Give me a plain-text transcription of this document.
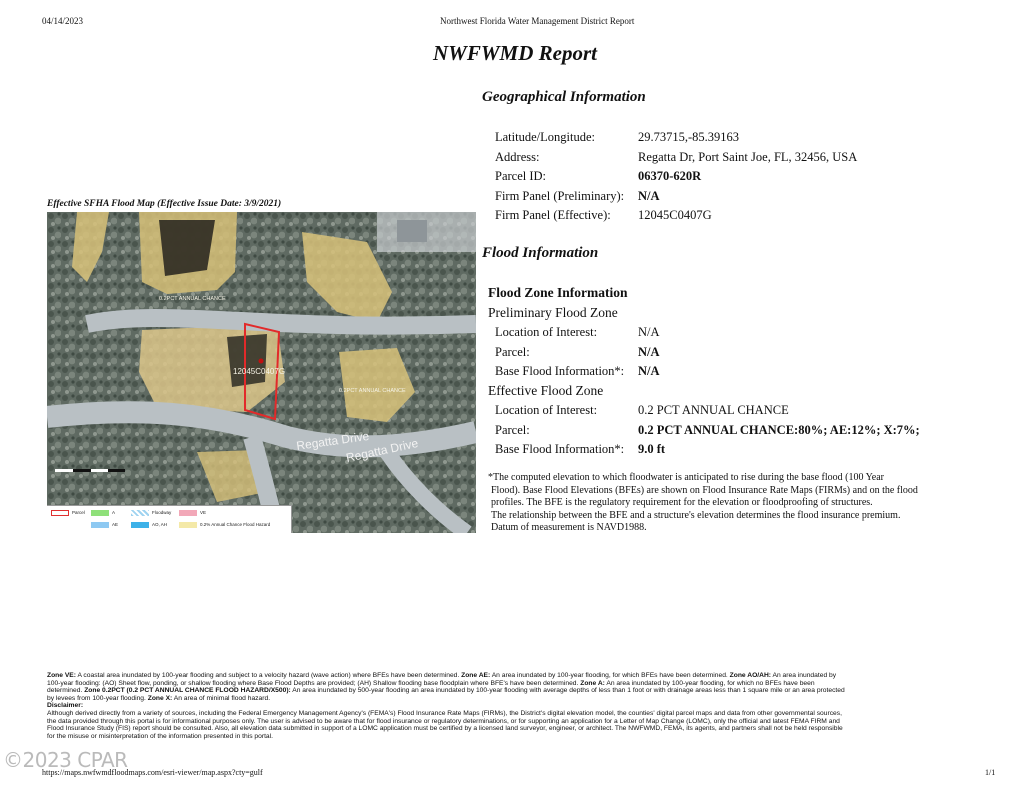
04/14/2023	Northwest Florida Water Management District Report
NWFWMD Report
Geographical Information
Latitude/Longitude:	29.73715,-85.39163
Address:	Regatta Dr, Port Saint Joe, FL, 32456, USA
Parcel ID:	06370-620R
Firm Panel (Preliminary): N/A
Firm Panel (Effective): 12045C0407G
Flood Information
Flood Zone Information
Preliminary Flood Zone
Location of Interest:	N/A
Parcel:	N/A
Base Flood Information*: N/A
Effective Flood Zone
Location of Interest:	0.2 PCT ANNUAL CHANCE
Parcel:	0.2 PCT ANNUAL CHANCE:80%; AE:12%; X:7%;
Base Flood Information*: 9.0 ft
*The computed elevation to which floodwater is anticipated to rise during the base flood (100 Year
Flood). Base Flood Elevations (BFEs) are shown on Flood Insurance Rate Maps (FIRMs) and on the flood
profiles. The BFE is the regulatory requirement for the elevation or floodproofing of structures.
The relationship between the BFE and a structure's elevation determines the flood insurance premium.
Datum of measurement is NAVD1988.
Effective SFHA Flood Map (Effective Issue Date: 3/9/2021)
Regatta Drive
Regatta Drive
12045C0407G
0.2PCT ANNUAL CHANCE
0.2PCT ANNUAL CHANCE
Parcel	A	Floodway	VE
AE	AO, AH	0.2% Annual Chance Flood Hazard
Zone VE: A coastal area inundated by 100-year flooding and subject to a velocity hazard (wave action) where BFEs have been determined. Zone AE: An area inundated by 100-year flooding, for which BFEs have been determined. Zone AO/AH: An area inundated by
100-year flooding: (AO) Sheet flow, ponding, or shallow flooding where Base Flood Depths are provided; (AH) Shallow flooding base floodplain where BFE's have been determined. Zone A: An area inundated by 100-year flooding, for which no BFEs have been
determined. Zone 0.2PCT (0.2 PCT ANNUAL CHANCE FLOOD HAZARD/X500): An area inundated by 500-year flooding an area inundated by 100-year flooding with average depths of less than 1 foot or with drainage areas less than 1 square mile or an area protected
by levees from 100-year flooding. Zone X: An area of minimal flood hazard.
Disclaimer:
Although derived directly from a variety of sources, including the Federal Emergency Management Agency's (FEMA's) Flood Insurance Rate Maps (FIRMs), the District's digital elevation model, the counties' digital parcel maps and data from other governmental sources,
the data provided through this portal is for informational purposes only. The user is advised to be aware that for flood insurance or regulatory determinations, or for supporting an application for a Letter of Map Change (LOMC), only the official and latest FEMA FIRM and
Flood Insurance Study (FIS) report should be consulted. Also, all elevation data submitted in support of a LOMC application must be certified by a licensed land surveyor, engineer, or architect. The NWFWMD, FEMA, its agents, and partners shall not be held responsible
for the misuse or misinterpretation of the information presented in this portal.
https://maps.nwfwmdfloodmaps.com/esri-viewer/map.aspx?cty=gulf	1/1
©2023 CPAR
